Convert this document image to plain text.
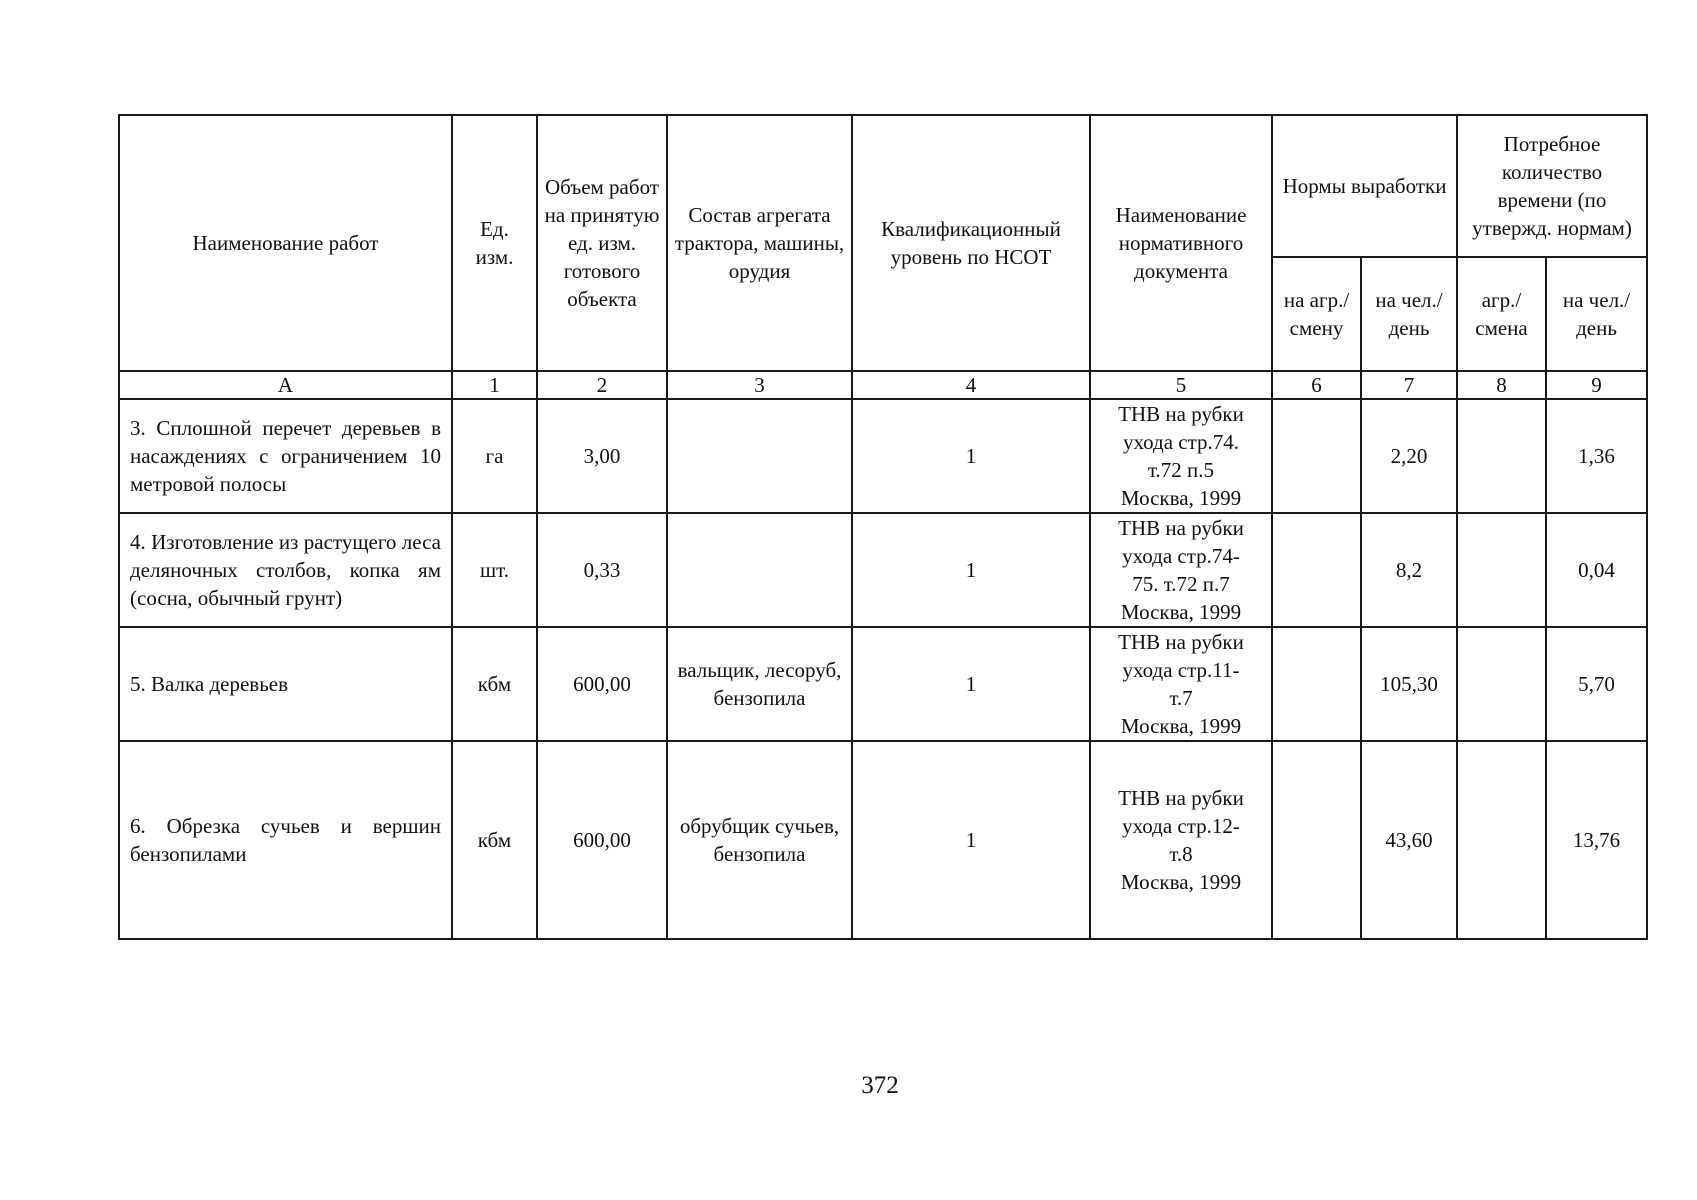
Наименование работ	Ед. изм.	Объем работ на принятую ед. изм. готового объекта	Состав агрегата трактора, машины, орудия	Квалификационный уровень по НСОТ	Наименование нормативного документа	Нормы выработки		Потребное количество времени (по утвержд. нормам)	
						на агр./ смену	на чел./ день	агр./ смена	на чел./ день
А	1	2	3	4	5	6	7	8	9
3. Сплошной перечет деревьев в насаждениях с ограничением 10 метровой полосы	га	3,00		1	ТНВ на рубки
ухода стр.74.
т.72 п.5
Москва, 1999		2,20		1,36
4. Изготовление из растущего леса деляночных столбов, копка ям (сосна, обычный грунт)	шт.	0,33		1	ТНВ на рубки
ухода стр.74-
75. т.72 п.7
Москва, 1999		8,2		0,04
5. Валка деревьев	кбм	600,00	вальщик, лесоруб, бензопила	1	ТНВ на рубки
ухода стр.11-
т.7
Москва, 1999		105,30		5,70
6. Обрезка сучьев и вершин бензопилами	кбм	600,00	обрубщик сучьев, бензопила	1	ТНВ на рубки
ухода стр.12-
т.8
Москва, 1999		43,60		13,76
372
